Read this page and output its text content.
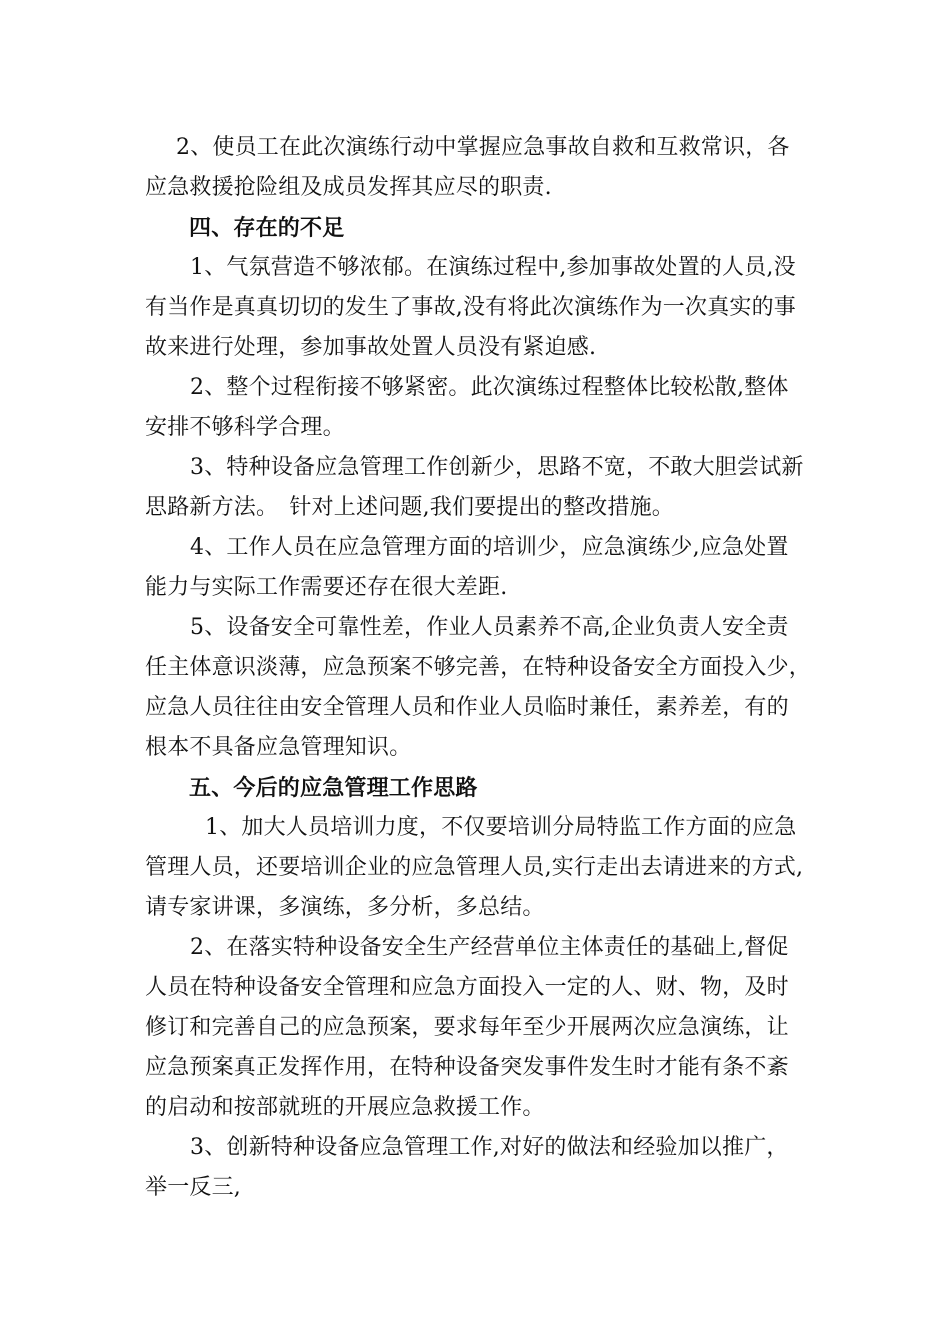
2、使员工在此次演练行动中掌握应急事故自救和互救常识，各
应急救援抢险组及成员发挥其应尽的职责.
四、存在的不足
1、气氛营造不够浓郁。在演练过程中,参加事故处置的人员,没
有当作是真真切切的发生了事故,没有将此次演练作为一次真实的事
故来进行处理，参加事故处置人员没有紧迫感.
2、整个过程衔接不够紧密。此次演练过程整体比较松散,整体
安排不够科学合理。
3、特种设备应急管理工作创新少，思路不宽，不敢大胆尝试新
思路新方法。　针对上述问题,我们要提出的整改措施。
4、工作人员在应急管理方面的培训少，应急演练少,应急处置
能力与实际工作需要还存在很大差距.
5、设备安全可靠性差，作业人员素养不高,企业负责人安全责
任主体意识淡薄，应急预案不够完善，在特种设备安全方面投入少，
应急人员往往由安全管理人员和作业人员临时兼任，素养差，有的
根本不具备应急管理知识。
五、今后的应急管理工作思路
1、加大人员培训力度，不仅要培训分局特监工作方面的应急
管理人员，还要培训企业的应急管理人员,实行走出去请进来的方式,
请专家讲课，多演练，多分析，多总结。
2、在落实特种设备安全生产经营单位主体责任的基础上,督促
人员在特种设备安全管理和应急方面投入一定的人、财、物，及时
修订和完善自己的应急预案，要求每年至少开展两次应急演练，让
应急预案真正发挥作用，在特种设备突发事件发生时才能有条不紊
的启动和按部就班的开展应急救援工作。
3、创新特种设备应急管理工作,对好的做法和经验加以推广，
举一反三,
